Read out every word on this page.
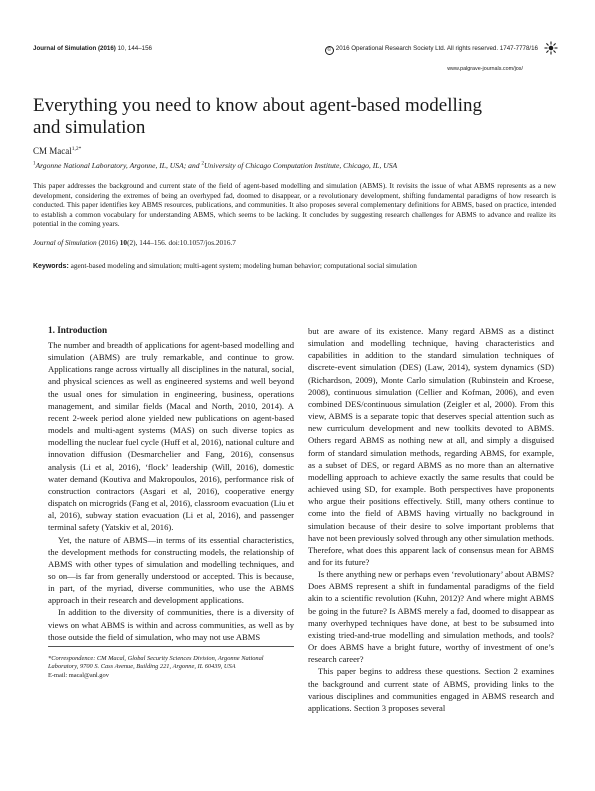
Journal of Simulation (2016) 10, 144–156	© 2016 Operational Research Society Ltd. All rights reserved. 1747-7778/16
www.palgrave-journals.com/jos/
Everything you need to know about agent-based modelling and simulation
CM Macal$^{1,2*}$
$^1$Argonne National Laboratory, Argonne, IL, USA; and $^2$University of Chicago Computation Institute, Chicago, IL, USA
This paper addresses the background and current state of the field of agent-based modelling and simulation (ABMS). It revisits the issue of what ABMS represents as a new development, considering the extremes of being an overhyped fad, doomed to disappear, or a revolutionary development, shifting fundamental paradigms of how research is conducted. This paper identifies key ABMS resources, publications, and communities. It also proposes several complementary definitions for ABMS, based on practice, intended to establish a common vocabulary for understanding ABMS, which seems to be lacking. It concludes by suggesting research challenges for ABMS to advance and realize its potential in the coming years.
Journal of Simulation (2016) 10(2), 144–156. doi:10.1057/jos.2016.7
Keywords: agent-based modeling and simulation; multi-agent system; modeling human behavior; computational social simulation
1. Introduction

The number and breadth of applications for agent-based modelling and simulation (ABMS) are truly remarkable, and continue to grow. Applications range across virtually all disciplines in the natural, social, and physical sciences as well as engineered systems and well beyond the usual ones for simulation in engineering, business, operations management, and similar fields (Macal and North, 2010, 2014). A recent 2-week period alone yielded new publications on agent-based models and multi-agent systems (MAS) on such diverse topics as modelling the nuclear fuel cycle (Huff et al, 2016), national culture and innovation diffusion (Desmarchelier and Fang, 2016), consensus analysis (Li et al, 2016), ‘flock’ leadership (Will, 2016), domestic water demand (Koutiva and Makropoulos, 2016), performance risk of construction contractors (Asgari et al, 2016), cooperative energy dispatch on microgrids (Fang et al, 2016), classroom evacuation (Liu et al, 2016), subway station evacuation (Li et al, 2016), and passenger terminal safety (Yatskiv et al, 2016).

Yet, the nature of ABMS—in terms of its essential characteristics, the development methods for constructing models, the relationship of ABMS with other types of simulation and modelling techniques, and so on—is far from generally understood or accepted. This is because, in part, of the myriad, diverse communities, who use the ABMS approach in their research and development applications.

In addition to the diversity of communities, there is a diversity of views on what ABMS is within and across communities, as well as by those outside the field of simulation, who may not use ABMS

but are aware of its existence. Many regard ABMS as a distinct simulation and modelling technique, having characteristics and capabilities in addition to the standard simulation techniques of discrete-event simulation (DES) (Law, 2014), system dynamics (SD) (Richardson, 2009), Monte Carlo simulation (Rubinstein and Kroese, 2008), continuous simulation (Cellier and Kofman, 2006), and even combined DES/continuous simulation (Zeigler et al, 2000). From this view, ABMS is a separate topic that deserves special attention such as new curriculum development and new toolkits devoted to ABMS. Others regard ABMS as nothing new at all, and simply a disguised form of standard simulation methods, regarding ABMS, for example, as a subset of DES, or regard ABMS as no more than an alternative modelling approach to achieve exactly the same results that could be achieved using SD, for example. Both perspectives have proponents who argue their positions effectively. Still, many others continue to come into the field of ABMS having virtually no background in simulation because of their desire to solve important problems that have not been previously solved through any other simulation methods. Therefore, what does this apparent lack of consensus mean for ABMS and for its future?

Is there anything new or perhaps even ‘revolutionary’ about ABMS? Does ABMS represent a shift in fundamental paradigms of the field akin to a scientific revolution (Kuhn, 2012)? And where might ABMS be going in the future? Is ABMS merely a fad, doomed to disappear as many overhyped techniques have done, at best to be subsumed into existing tried-and-true modelling and simulation methods, and tools? Or does ABMS have a bright future, worthy of investment of one’s research career?

This paper begins to address these questions. Section 2 examines the background and current state of ABMS, providing links to the various disciplines and communities engaged in ABMS research and applications. Section 3 proposes several

*Correspondence: CM Macal, Global Security Sciences Division, Argonne National Laboratory, 9700 S. Cass Avenue, Building 221, Argonne, IL 60439, USA
E-mail: macal@anl.gov
